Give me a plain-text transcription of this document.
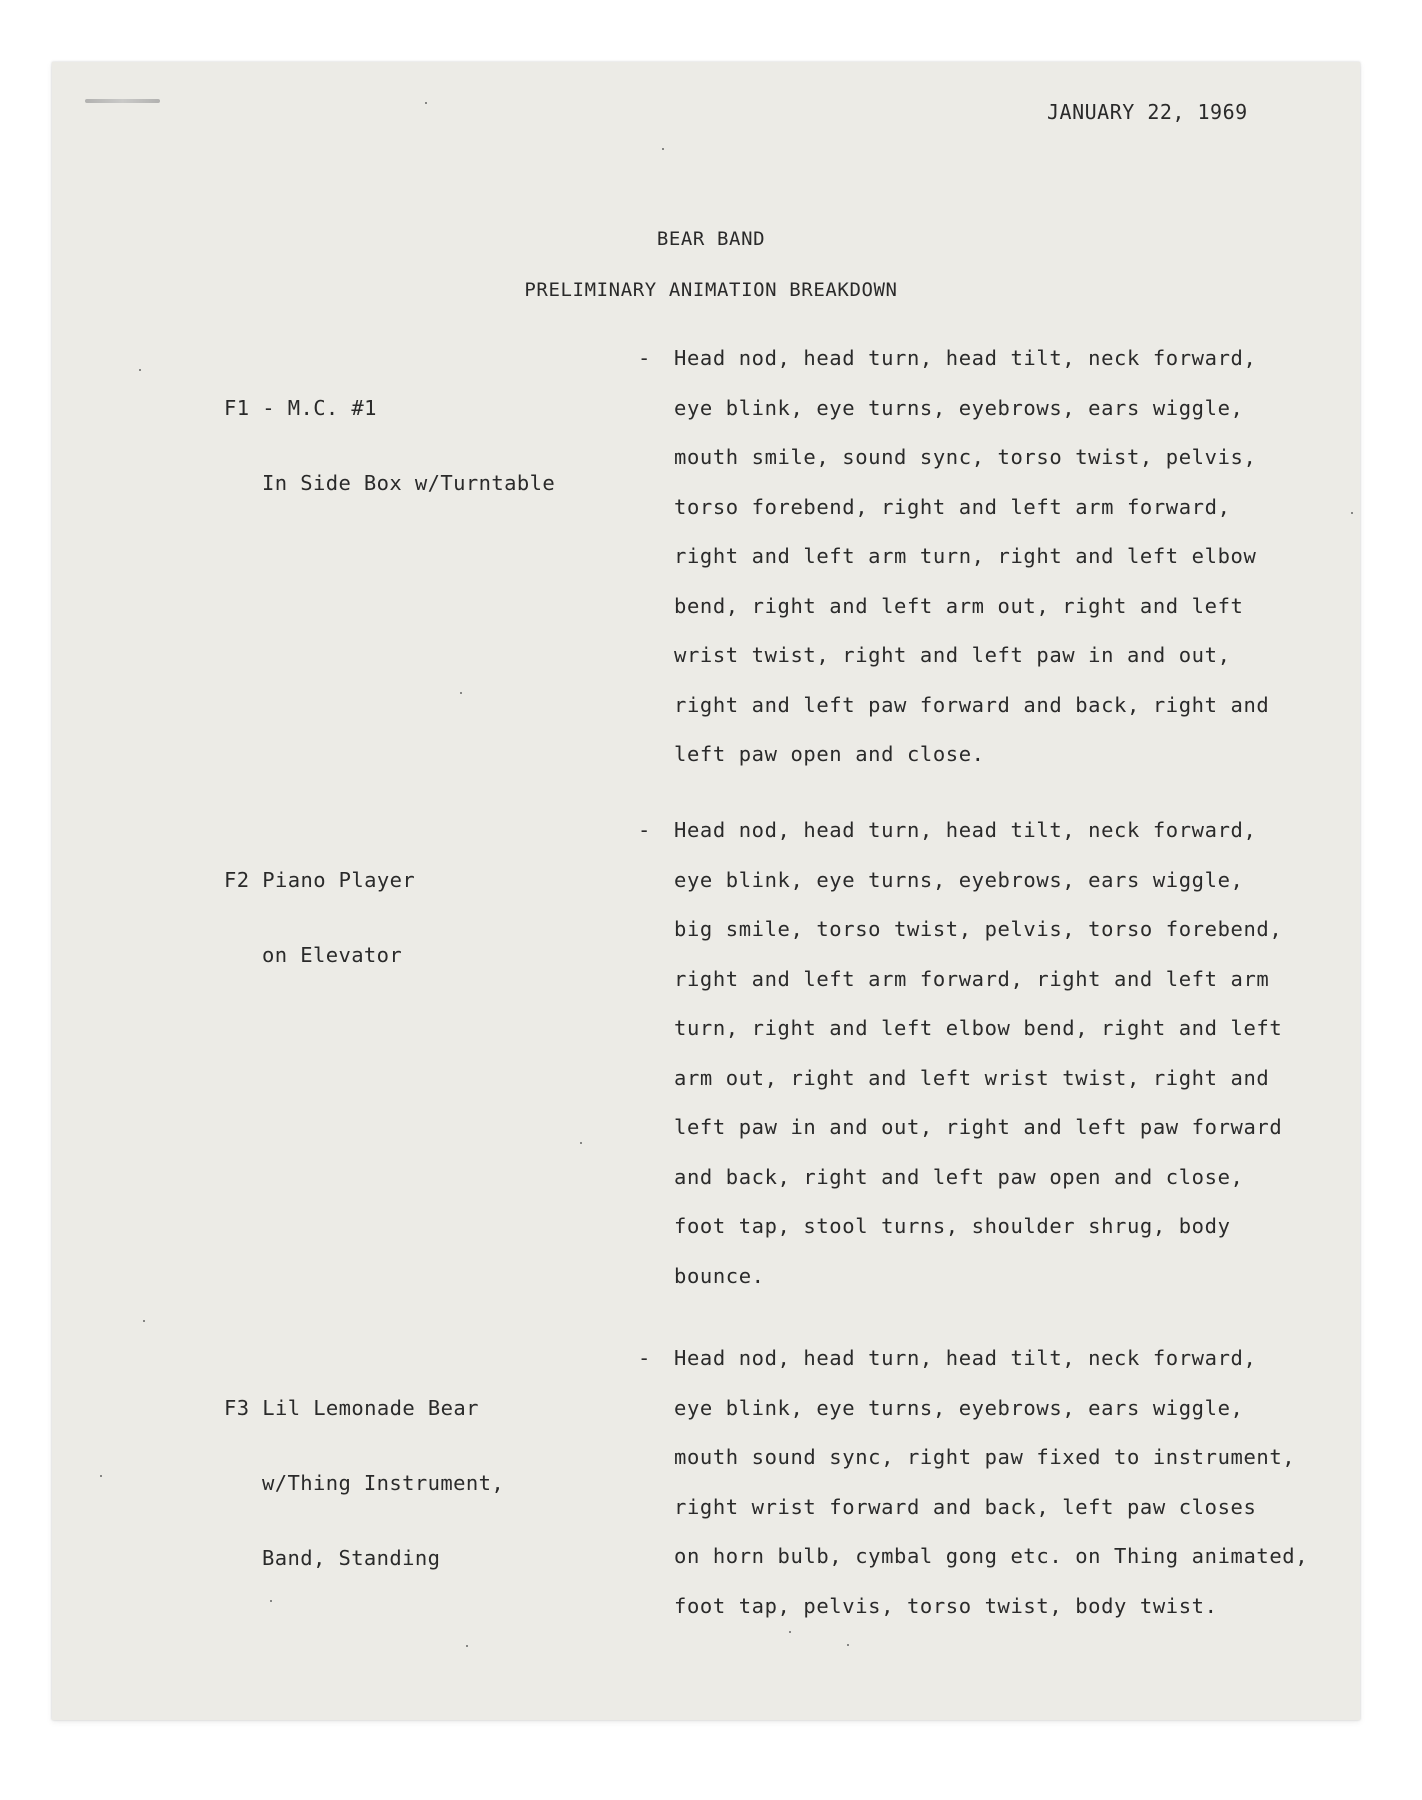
JANUARY 22, 1969
BEAR BAND
PRELIMINARY ANIMATION BREAKDOWN

F1 - M.C. #1

In Side Box w/Turntable

- Head nod, head turn, head tilt, neck forward,
eye blink, eye turns, eyebrows, ears wiggle,
mouth smile, sound sync, torso twist, pelvis,
torso forebend, right and left arm forward,
right and left arm turn, right and left elbow
bend, right and left arm out, right and left
wrist twist, right and left paw in and out,
right and left paw forward and back, right and
left paw open and close.

F2 Piano Player

on Elevator

- Head nod, head turn, head tilt, neck forward,
eye blink, eye turns, eyebrows, ears wiggle,
big smile, torso twist, pelvis, torso forebend,
right and left arm forward, right and left arm
turn, right and left elbow bend, right and left
arm out, right and left wrist twist, right and
left paw in and out, right and left paw forward
and back, right and left paw open and close,
foot tap, stool turns, shoulder shrug, body
bounce.

F3 Lil Lemonade Bear

w/Thing Instrument,

Band, Standing

- Head nod, head turn, head tilt, neck forward,
eye blink, eye turns, eyebrows, ears wiggle,
mouth sound sync, right paw fixed to instrument,
right wrist forward and back, left paw closes
on horn bulb, cymbal gong etc. on Thing animated,
foot tap, pelvis, torso twist, body twist.
